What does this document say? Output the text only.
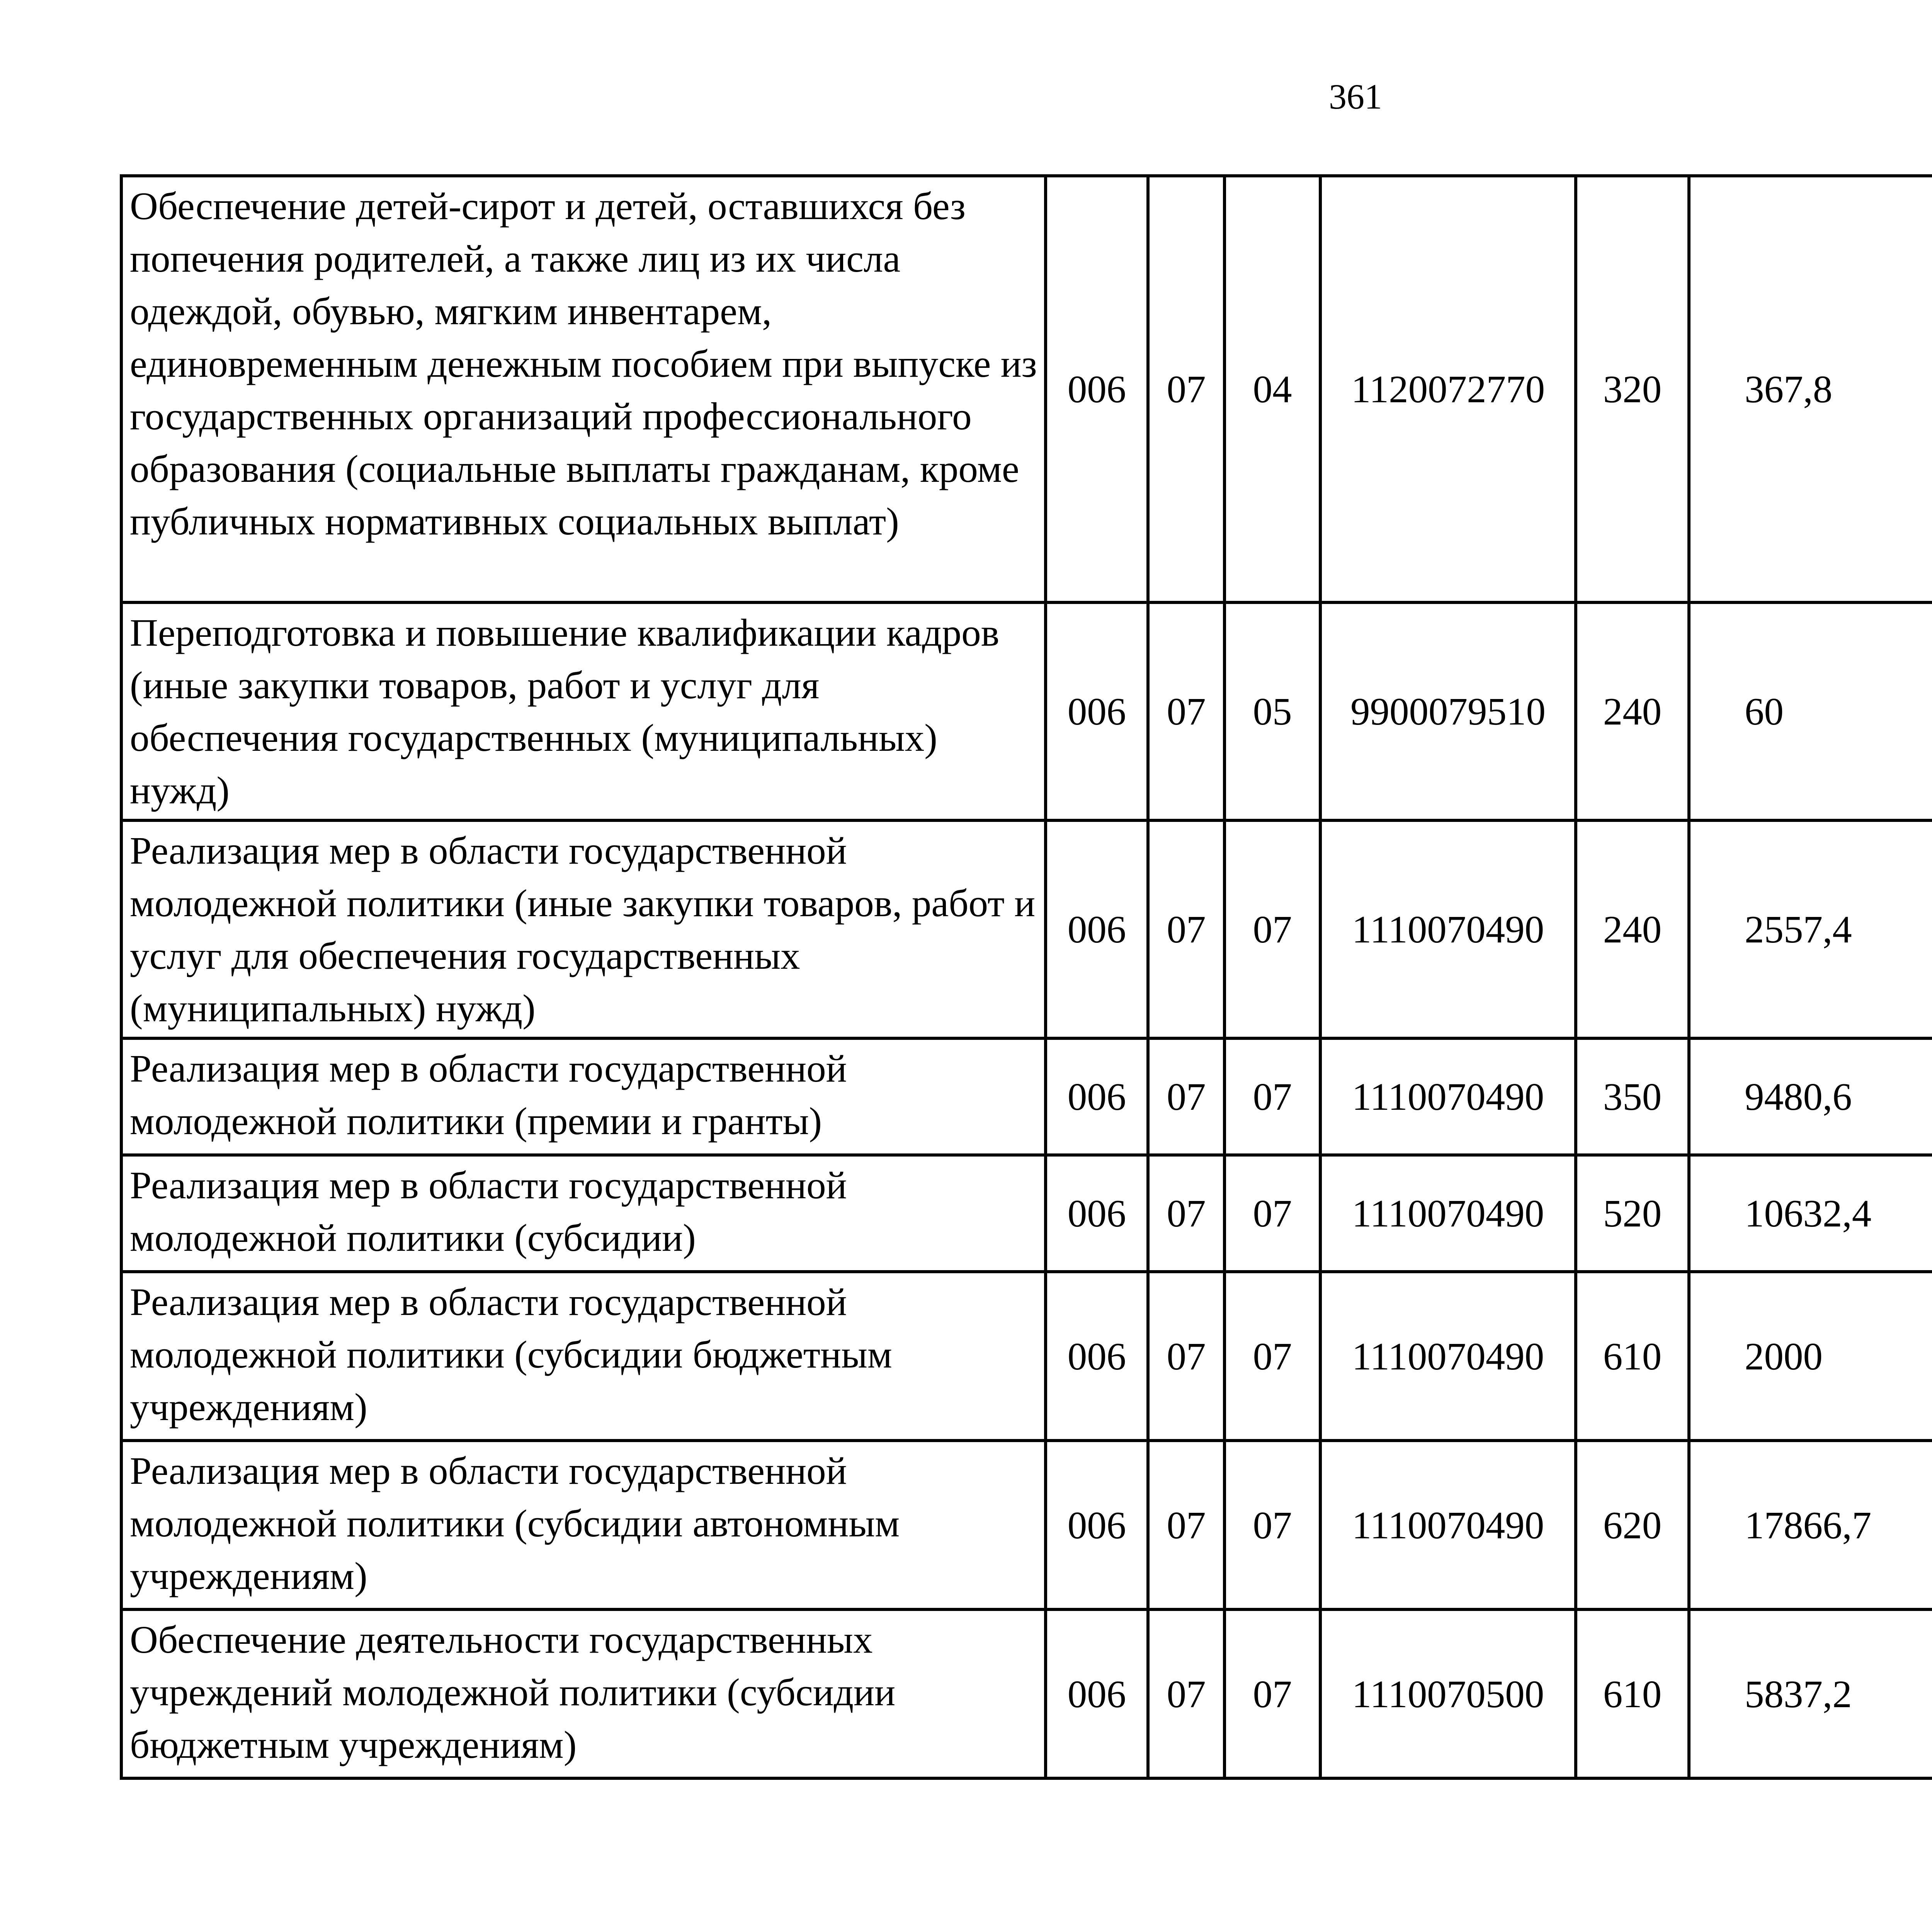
361
Обеспечение детей-сирот и детей, оставшихся без попечения родителей, а также лиц из их числа одеждой, обувью, мягким инвентарем, единовременным денежным пособием при выпуске из государственных организаций профессионального образования (социальные выплаты гражданам, кроме публичных нормативных социальных выплат)	006	07	04	1120072770	320	367,8		
Переподготовка и повышение квалификации кадров (иные закупки товаров, работ и услуг для обеспечения государственных (муниципальных) нужд)	006	07	05	9900079510	240	60		
Реализация мер в области государственной молодежной политики (иные закупки товаров, работ и услуг для обеспечения государственных (муниципальных) нужд)	006	07	07	1110070490	240	2557,4		
Реализация мер в области государственной молодежной политики (премии и гранты)	006	07	07	1110070490	350	9480,6		
Реализация мер в области государственной молодежной политики (субсидии)	006	07	07	1110070490	520	10632,4		
Реализация мер в области государственной молодежной политики (субсидии бюджетным учреждениям)	006	07	07	1110070490	610	2000		
Реализация мер в области государственной молодежной политики (субсидии автономным учреждениям)	006	07	07	1110070490	620	17866,7		
Обеспечение деятельности государственных учреждений молодежной политики (субсидии бюджетным учреждениям)	006	07	07	1110070500	610	5837,2		
